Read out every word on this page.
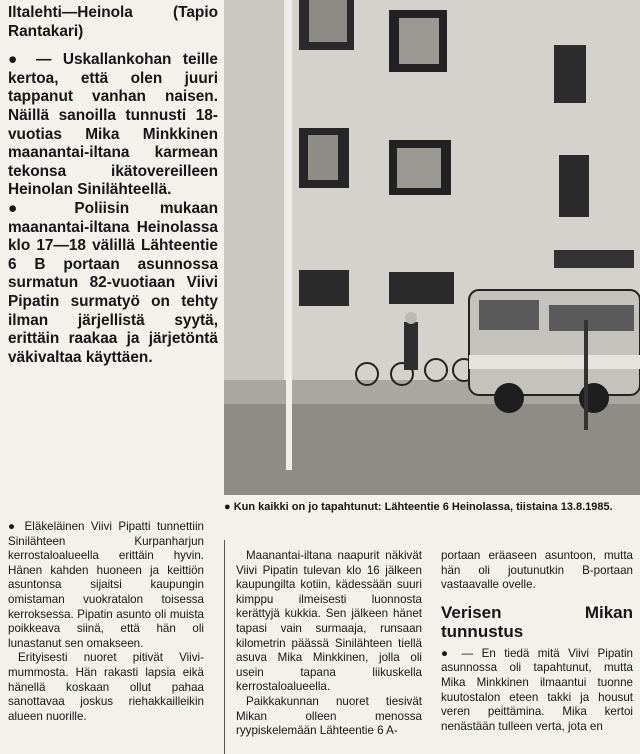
Iltalehti—Heinola (Tapio Rantakari)

● — Uskallankohan teille kertoa, että olen juuri tappanut vanhan naisen. Näillä sanoilla tunnusti 18-vuotias Mika Minkkinen maanantai-iltana karmean tekonsa ikätovereilleen Heinolan Sinilähteellä.

● Poliisin mukaan maanantai-iltana Heinolassa klo 17—18 välillä Lähteentie 6 B portaan asunnossa surmatun 82-vuotiaan Viivi Pipatin surmatyö on tehty ilman järjellistä syytä, erittäin raakaa ja järjetöntä väkivaltaa käyttäen.

● Kun kaikki on jo tapahtunut: Lähteentie 6 Heinolassa, tiistaina 13.8.1985.

● Eläkeläinen Viivi Pipatti tunnettiin Sinilähteen Kurpanharjun kerrostaloalueella erittäin hyvin. Hänen kahden huoneen ja keittiön asuntonsa sijaitsi kaupungin omistaman vuokratalon toisessa kerroksessa. Pipatin asunto oli muista poikkeava siinä, että hän oli lunastanut sen omakseen.

Erityisesti nuoret pitivät Viivi-mummosta. Hän rakasti lapsia eikä hänellä koskaan ollut pahaa sanottavaa joskus riehakkailleikin alueen nuorille.

Maanantai-iltana naapurit näkivät Viivi Pipatin tulevan klo 16 jälkeen kaupungilta kotiin, kädessään suuri kimppu ilmeisesti luonnosta kerättyjä kukkia. Sen jälkeen hänet tapasi vain surmaaja, runsaan kilometrin päässä Sinilähteen tiellä asuva Mika Minkkinen, jolla oli usein tapana liikuskella kerrostaloalueella.

Paikkakunnan nuoret tiesivät Mikan olleen menossa ryypiskelemään Lähteentie 6 A-

portaan eräaseen asuntoon, mutta hän oli joutunutkin B-portaan vastaavalle ovelle.

Verisen Mikan tunnustus

● — En tiedä mitä Viivi Pipatin asunnossa oli tapahtunut, mutta Mika Minkkinen ilmaantui tuonne kuutostalon eteen takki ja housut veren peittämina. Mika kertoi nenästään tulleen verta, jota en
